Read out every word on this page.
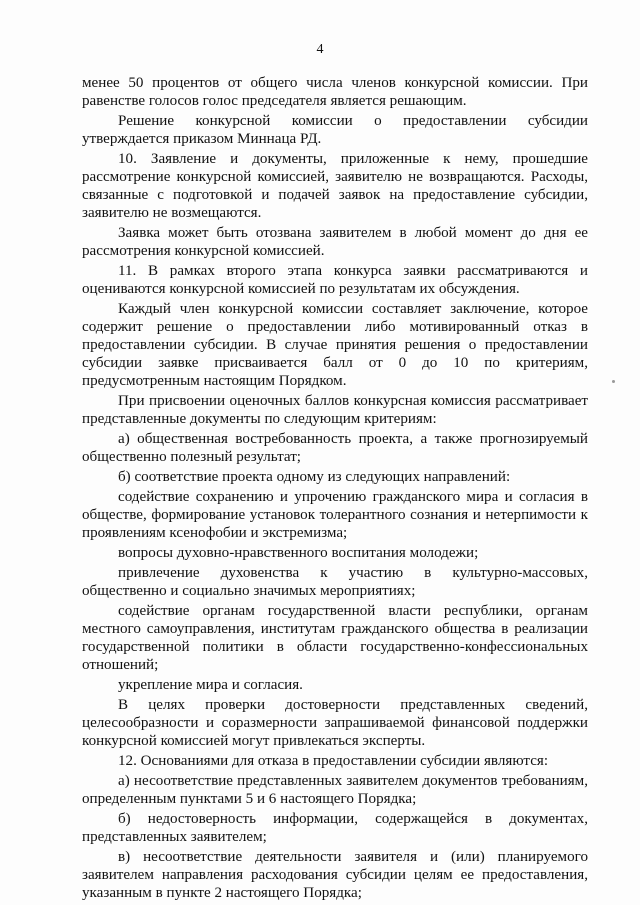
4

менее 50 процентов от общего числа членов конкурсной комиссии. При равенстве голосов голос председателя является решающим.

Решение конкурсной комиссии о предоставлении субсидии утверждается приказом Миннаца РД.

10. Заявление и документы, приложенные к нему, прошедшие рассмотрение конкурсной комиссией, заявителю не возвращаются. Расходы, связанные с подготовкой и подачей заявок на предоставление субсидии, заявителю не возмещаются.

Заявка может быть отозвана заявителем в любой момент до дня ее рассмотрения конкурсной комиссией.

11. В рамках второго этапа конкурса заявки рассматриваются и оцениваются конкурсной комиссией по результатам их обсуждения.

Каждый член конкурсной комиссии составляет заключение, которое содержит решение о предоставлении либо мотивированный отказ в предоставлении субсидии. В случае принятия решения о предоставлении субсидии заявке присваивается балл от 0 до 10 по критериям, предусмотренным настоящим Порядком.

При присвоении оценочных баллов конкурсная комиссия рассматривает представленные документы по следующим критериям:

а) общественная востребованность проекта, а также прогнозируемый общественно полезный результат;

б) соответствие проекта одному из следующих направлений:

содействие сохранению и упрочению гражданского мира и согласия в обществе, формирование установок толерантного сознания и нетерпимости к проявлениям ксенофобии и экстремизма;

вопросы духовно-нравственного воспитания молодежи;

привлечение духовенства к участию в культурно-массовых, общественно и социально значимых мероприятиях;

содействие органам государственной власти республики, органам местного самоуправления, институтам гражданского общества в реализации государственной политики в области государственно-конфессиональных отношений;

укрепление мира и согласия.

В целях проверки достоверности представленных сведений, целесообразности и соразмерности запрашиваемой финансовой поддержки конкурсной комиссией могут привлекаться эксперты.

12. Основаниями для отказа в предоставлении субсидии являются:

а) несоответствие представленных заявителем документов требованиям, определенным пунктами 5 и 6 настоящего Порядка;

б) недостоверность информации, содержащейся в документах, представленных заявителем;

в) несоответствие деятельности заявителя и (или) планируемого заявителем направления расходования субсидии целям ее предоставления, указанным в пункте 2 настоящего Порядка;
